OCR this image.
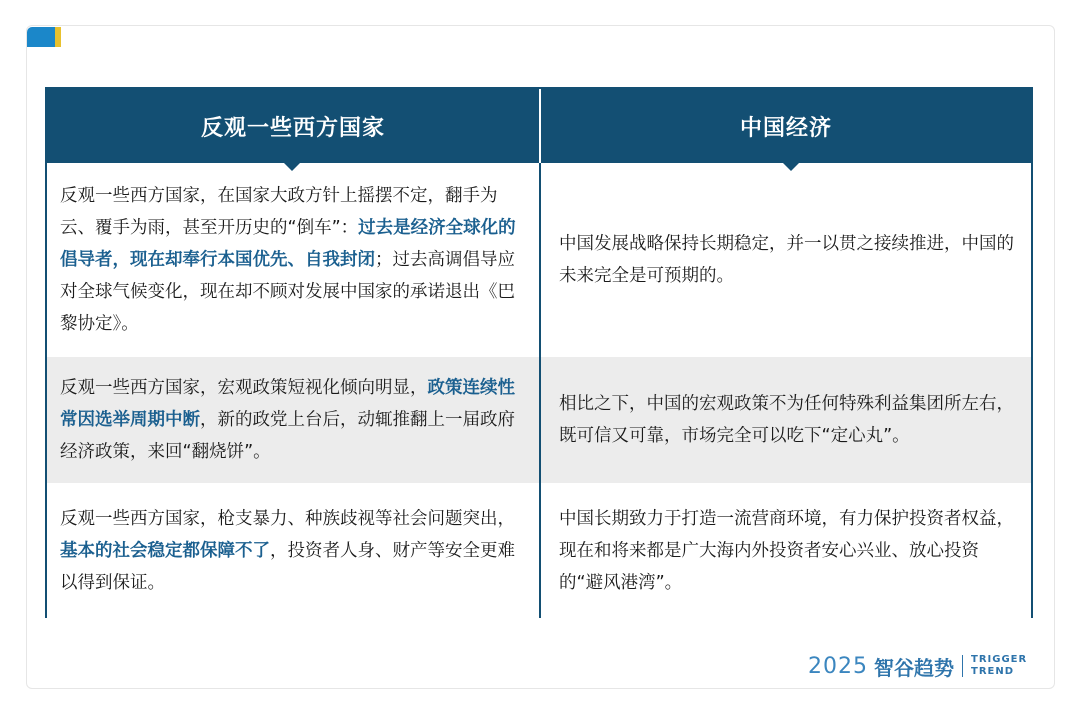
反观一些西方国家	中国经济

反观一些西方国家，在国家大政方针上摇摆不定，翻手为云、覆手为雨，甚至开历史的“倒车”：过去是经济全球化的倡导者，现在却奉行本国优先、自我封闭；过去高调倡导应对全球气候变化，现在却不顾对发展中国家的承诺退出《巴黎协定》。

中国发展战略保持长期稳定，并一以贯之接续推进，中国的未来完全是可预期的。

反观一些西方国家，宏观政策短视化倾向明显，政策连续性常因选举周期中断，新的政党上台后，动辄推翻上一届政府经济政策，来回“翻烧饼”。

相比之下，中国的宏观政策不为任何特殊利益集团所左右，既可信又可靠，市场完全可以吃下“定心丸”。

反观一些西方国家，枪支暴力、种族歧视等社会问题突出，基本的社会稳定都保障不了，投资者人身、财产等安全更难以得到保证。

中国长期致力于打造一流营商环境，有力保护投资者权益，现在和将来都是广大海内外投资者安心兴业、放心投资的“避风港湾”。

2025 智谷趋势 TRIGGER
TREND
